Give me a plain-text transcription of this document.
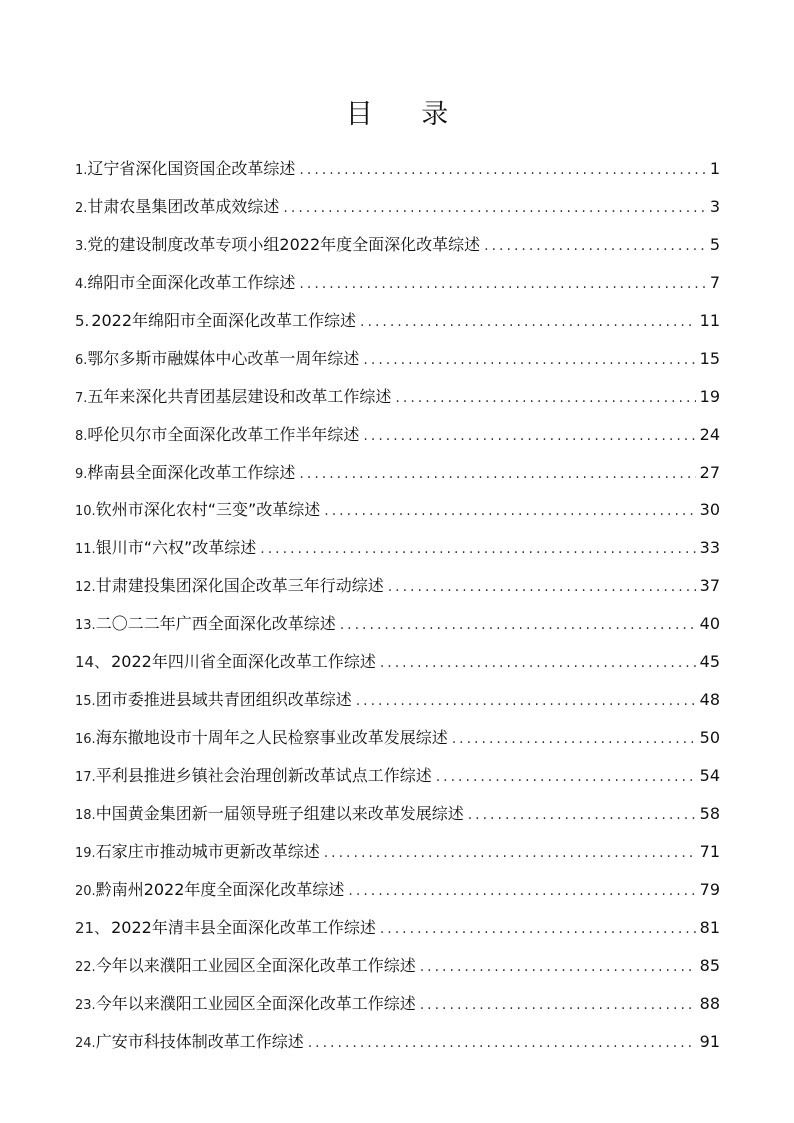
目 录
1. 辽宁省深化国资国企改革综述 .....	1
2. 甘肃农垦集团改革成效综述 .....	3
3. 党的建设制度改革专项小组2022年度全面深化改革综述 .....	5
4. 绵阳市全面深化改革工作综述 .....	7
5. 2022年绵阳市全面深化改革工作综述 .....	11
6. 鄂尔多斯市融媒体中心改革一周年综述 .....	15
7. 五年来深化共青团基层建设和改革工作综述 .....	19
8. 呼伦贝尔市全面深化改革工作半年综述 .....	24
9. 桦南县全面深化改革工作综述 .....	27
10. 钦州市深化农村“三变”改革综述 .....	30
11. 银川市“六权”改革综述 .....	33
12. 甘肃建投集团深化国企改革三年行动综述 .....	37
13. 二〇二二年广西全面深化改革综述 .....	40
14、 2022年四川省全面深化改革工作综述 .....	45
15. 团市委推进县域共青团组织改革综述 .....	48
16. 海东撤地设市十周年之人民检察事业改革发展综述 .....	50
17. 平利县推进乡镇社会治理创新改革试点工作综述 .....	54
18. 中国黄金集团新一届领导班子组建以来改革发展综述 .....	58
19. 石家庄市推动城市更新改革综述 .....	71
20. 黔南州2022年度全面深化改革综述 .....	79
21、 2022年清丰县全面深化改革工作综述 .....	81
22. 今年以来濮阳工业园区全面深化改革工作综述 .....	85
23. 今年以来濮阳工业园区全面深化改革工作综述 .....	88
24. 广安市科技体制改革工作综述 .....	91
